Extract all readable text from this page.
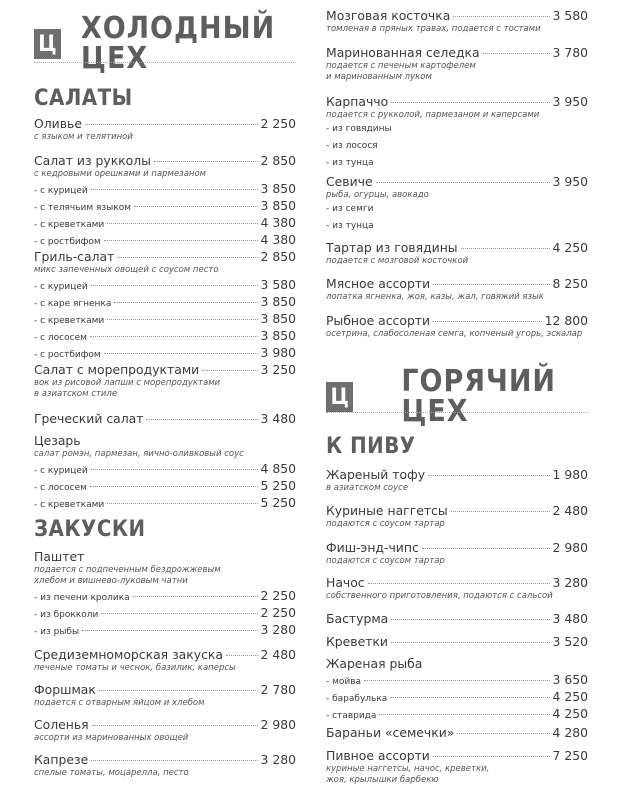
Ц ХОЛОДНЫЙ ЦЕХ
САЛАТЫ
ЗАКУСКИ
Оливье	2 250
с языком и телятиной
Салат из рукколы	2 850
с кедровыми орешками и пармезаном
- с курицей	3 850
- с телячьим языком	3 850
- с креветками	4 380
- с ростбифом	4 380
Гриль-салат	2 850
микс запеченных овощей с соусом песто
- с курицей	3 580
- с каре ягненка	3 850
- с креветками	3 850
- с лососем	3 850
- с ростбифом	3 980
Салат с морепродуктами	3 250
вок из рисовой лапши с морепродуктами
в азиатском стиле
Греческий салат	3 480
Цезарь
салат ромэн, пармезан, яично-оливковый соус
- с курицей	4 850
- с лососем	5 250
- с креветками	5 250
Паштет
подается с подпеченным бездрожжевым
хлебом и вишнево-луковым чатни
- из печени кролика	2 250
- из брокколи	2 250
- из рыбы	3 280
Средиземноморская закуска	2 480
печеные томаты и чеснок, базилик, каперсы
Форшмак	2 780
подается с отварным яйцом и хлебом
Соленья	2 980
ассорти из маринованных овощей
Капрезе	3 280
спелые томаты, моцарелла, песто
Ц ГОРЯЧИЙ ЦЕХ
К ПИВУ
Мозговая косточка	3 580
томленая в пряных травах, подается с тостами
Маринованная селедка	3 780
подается с печеным картофелем
и маринованным луком
Карпаччо	3 950
подается с рукколой, пармезаном и каперсами
- из говядины
- из лосося
- из тунца
Севиче	3 950
рыба, огурцы, авокадо
- из семги
- из тунца
Тартар из говядины	4 250
подается с мозговой косточкой
Мясное ассорти	8 250
лопатка ягненка, жоя, казы, жал, говяжий язык
Рыбное ассорти	12 800
осетрина, слабосоленая семга, копченый угорь, эскалар
Жареный тофу	1 980
в азиатском соусе
Куриные наггетсы	2 480
подаются с соусом тартар
Фиш-энд-чипс	2 980
подаются с соусом тартар
Начос	3 280
собственного приготовления, подаются с сальсой
Бастурма	3 480
Креветки	3 520
Жареная рыба
- мойва	3 650
- барабулька	4 250
- ставрида	4 250
Бараньи «семечки»	4 280
Пивное ассорти	7 250
куриные наггетсы, начос, креветки,
жоя, крылышки барбекю
